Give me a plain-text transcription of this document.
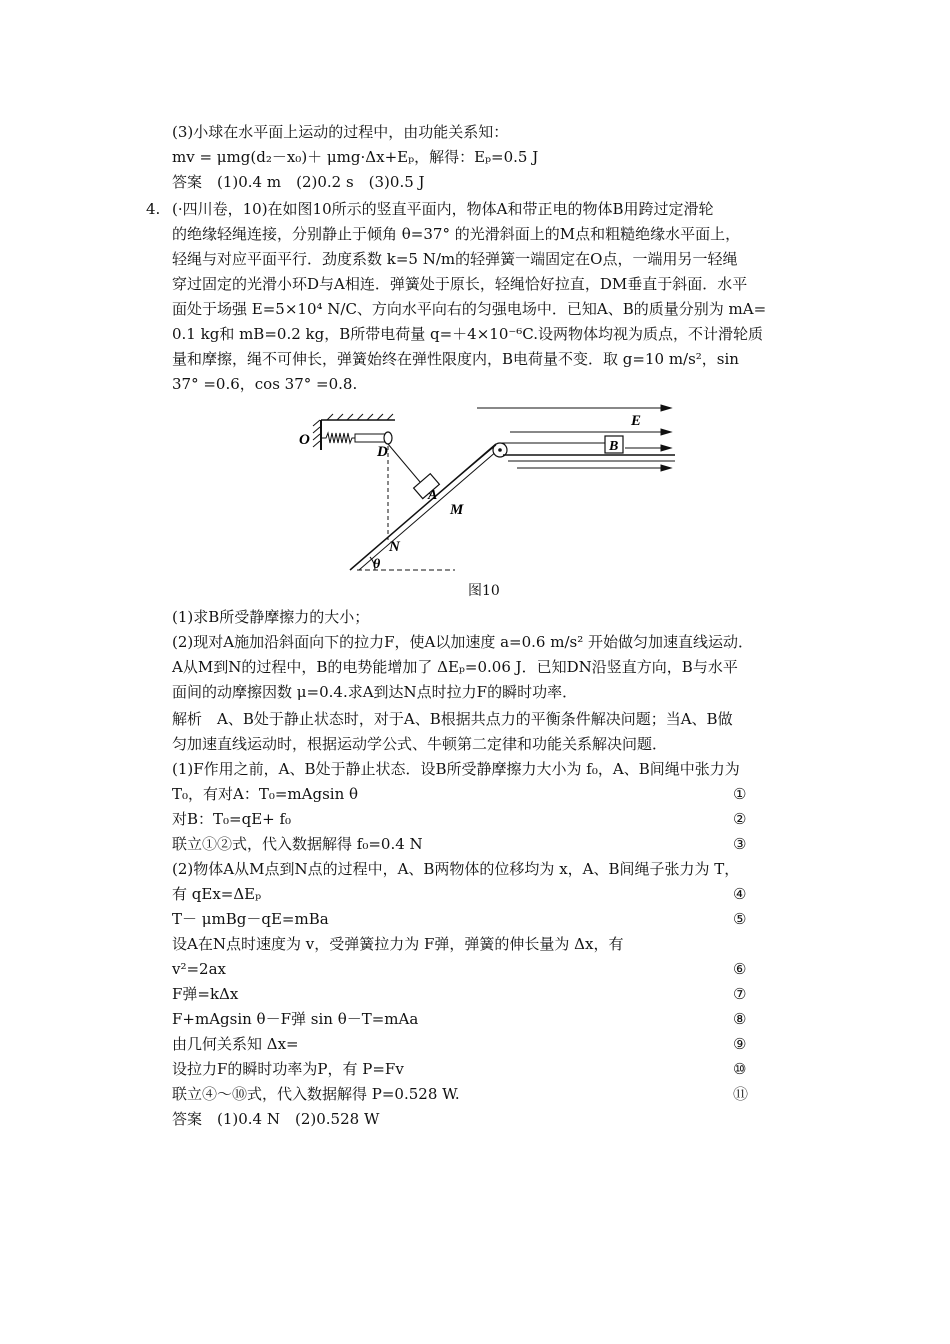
(3)小球在水平面上运动的过程中，由功能关系知：
mv = μmg(d₂－x₀)＋ μmg·Δx+Eₚ，解得：Eₚ=0.5 J
答案　(1)0.4 m　(2)0.2 s　(3)0.5 J
4. (·四川卷，10)在如图10所示的竖直平面内，物体A和带正电的物体B用跨过定滑轮
的绝缘轻绳连接，分别静止于倾角 θ=37° 的光滑斜面上的M点和粗糙绝缘水平面上，
轻绳与对应平面平行．劲度系数 k=5 N/m的轻弹簧一端固定在O点，一端用另一轻绳
穿过固定的光滑小环D与A相连．弹簧处于原长，轻绳恰好拉直，DM垂直于斜面．水平
面处于场强 E=5×10⁴ N/C、方向水平向右的匀强电场中．已知A、B的质量分别为 mA=
0.1 kg和 mB=0.2 kg，B所带电荷量 q=＋4×10⁻⁶C.设两物体均视为质点，不计滑轮质
量和摩擦，绳不可伸长，弹簧始终在弹性限度内，B电荷量不变．取 g=10 m/s²，sin
37° =0.6，cos 37° =0.8.
O
D
A
B
E
M
N
θ
图10
(1)求B所受静摩擦力的大小；
(2)现对A施加沿斜面向下的拉力F，使A以加速度 a=0.6 m/s² 开始做匀加速直线运动．
A从M到N的过程中，B的电势能增加了 ΔEₚ=0.06 J．已知DN沿竖直方向，B与水平
面间的动摩擦因数 μ=0.4.求A到达N点时拉力F的瞬时功率．
解析　A、B处于静止状态时，对于A、B根据共点力的平衡条件解决问题；当A、B做
匀加速直线运动时，根据运动学公式、牛顿第二定律和功能关系解决问题．
(1)F作用之前，A、B处于静止状态．设B所受静摩擦力大小为 f₀，A、B间绳中张力为
T₀，有对A：T₀=mAgsin θ	①
对B：T₀=qE+ f₀	②
联立①②式，代入数据解得 f₀=0.4 N	③
(2)物体A从M点到N点的过程中，A、B两物体的位移均为 x，A、B间绳子张力为 T，
有 qEx=ΔEₚ	④
T－ μmBg－qE=mBa	⑤
设A在N点时速度为 v，受弹簧拉力为 F弹，弹簧的伸长量为 Δx，有
v²=2ax	⑥
F弹=kΔx	⑦
F+mAgsin θ－F弹 sin θ－T=mAa	⑧
由几何关系知 Δx=	⑨
设拉力F的瞬时功率为P，有 P=Fv	⑩
联立④～⑩式，代入数据解得 P=0.528 W.	⑪
答案　(1)0.4 N　(2)0.528 W
